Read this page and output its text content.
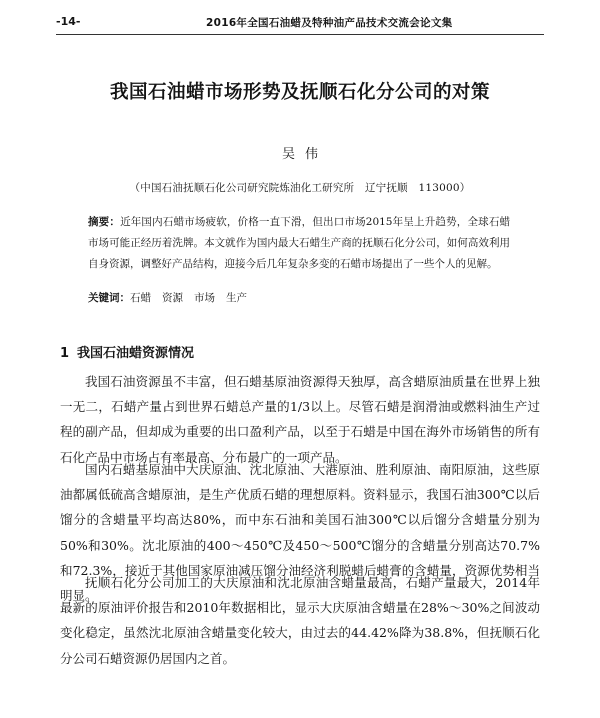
-14-	2016年全国石油蜡及特种油产品技术交流会论文集
我国石油蜡市场形势及抚顺石化分公司的对策
吴伟
（中国石油抚顺石化公司研究院炼油化工研究所　辽宁抚顺　113000）

摘要：近年国内石蜡市场疲软，价格一直下滑，但出口市场2015年呈上升趋势，全球石蜡市场可能正经历着洗牌。本文就作为国内最大石蜡生产商的抚顺石化分公司，如何高效利用自身资源，调整好产品结构，迎接今后几年复杂多变的石蜡市场提出了一些个人的见解。

关键词：石蜡 资源 市场 生产

1 我国石油蜡资源情况

我国石油资源虽不丰富，但石蜡基原油资源得天独厚，高含蜡原油质量在世界上独一无二，石蜡产量占到世界石蜡总产量的1/3以上。尽管石蜡是润滑油或燃料油生产过程的副产品，但却成为重要的出口盈利产品，以至于石蜡是中国在海外市场销售的所有石化产品中市场占有率最高、分布最广的一项产品。

国内石蜡基原油中大庆原油、沈北原油、大港原油、胜利原油、南阳原油，这些原油都属低硫高含蜡原油，是生产优质石蜡的理想原料。资料显示，我国石油300℃以后馏分的含蜡量平均高达80%，而中东石油和美国石油300℃以后馏分含蜡量分别为50%和30%。沈北原油的400～450℃及450～500℃馏分的含蜡量分别高达70.7%和72.3%，接近于其他国家原油减压馏分油经济利脱蜡后蜡膏的含蜡量，资源优势相当明显。

抚顺石化分公司加工的大庆原油和沈北原油含蜡量最高，石蜡产量最大，2014年最新的原油评价报告和2010年数据相比，显示大庆原油含蜡量在28%～30%之间波动变化稳定，虽然沈北原油含蜡量变化较大，由过去的44.42%降为38.8%，但抚顺石化分公司石蜡资源仍居国内之首。
